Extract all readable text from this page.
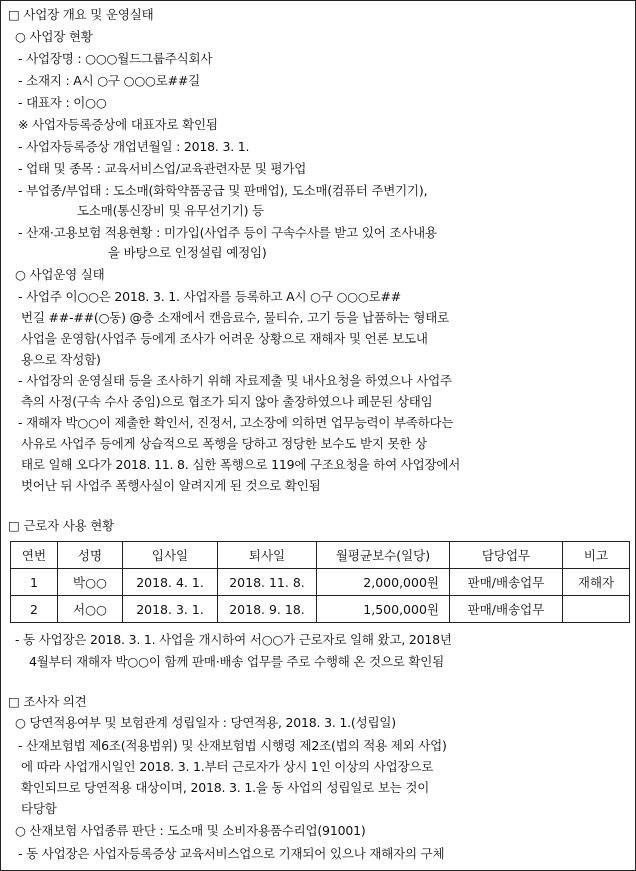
□ 사업장 개요 및 운영실태
○ 사업장 현황
- 사업장명 : ○○○월드그룹주식회사
- 소재지 : A시 ○구 ○○○로##길
- 대표자 : 이○○
※ 사업자등록증상에 대표자로 확인됨
- 사업자등록증상 개업년월일 : 2018. 3. 1.
- 업태 및 종목 : 교육서비스업/교육관련자문 및 평가업
- 부업종/부업태 : 도소매(화학약품공급 및 판매업), 도소매(컴퓨터 주변기기),
도소매(통신장비 및 유무선기기) 등
- 산재·고용보험 적용현황 : 미가입(사업주 등이 구속수사를 받고 있어 조사내용
을 바탕으로 인정설립 예정임)
○ 사업운영 실태
- 사업주 이○○은 2018. 3. 1. 사업자를 등록하고 A시 ○구 ○○○로##
번길 ##-##(○동) @층 소재에서 캔음료수, 물티슈, 고기 등을 납품하는 형태로
사업을 운영함(사업주 등에게 조사가 어려운 상황으로 재해자 및 언론 보도내
용으로 작성함)
- 사업장의 운영실태 등을 조사하기 위해 자료제출 및 내사요청을 하였으나 사업주
측의 사정(구속 수사 중임)으로 협조가 되지 않아 출장하였으나 폐문된 상태임
- 재해자 박○○이 제출한 확인서, 진정서, 고소장에 의하면 업무능력이 부족하다는
사유로 사업주 등에게 상습적으로 폭행을 당하고 정당한 보수도 받지 못한 상
태로 일해 오다가 2018. 11. 8. 심한 폭행으로 119에 구조요청을 하여 사업장에서
벗어난 뒤 사업주 폭행사실이 알려지게 된 것으로 확인됨
□ 근로자 사용 현황
연번	성명	입사일	퇴사일	월평균보수(일당)	담당업무	비고
1	박○○	2018. 4. 1.	2018. 11. 8.	2,000,000원	판매/배송업무	재해자
2	서○○	2018. 3. 1.	2018. 9. 18.	1,500,000원	판매/배송업무	
- 동 사업장은 2018. 3. 1. 사업을 개시하여 서○○가 근로자로 일해 왔고, 2018년
4월부터 재해자 박○○이 함께 판매·배송 업무를 주로 수행해 온 것으로 확인됨
□ 조사자 의견
○ 당연적용여부 및 보험관계 성립일자 : 당연적용, 2018. 3. 1.(성립일)
- 산재보험법 제6조(적용범위) 및 산재보험법 시행령 제2조(법의 적용 제외 사업)
에 따라 사업개시일인 2018. 3. 1.부터 근로자가 상시 1인 이상의 사업장으로
확인되므로 당연적용 대상이며, 2018. 3. 1.을 동 사업의 성립일로 보는 것이
타당함
○ 산재보험 사업종류 판단 : 도소매 및 소비자용품수리업(91001)
- 동 사업장은 사업자등록증상 교육서비스업으로 기재되어 있으나 재해자의 구체
